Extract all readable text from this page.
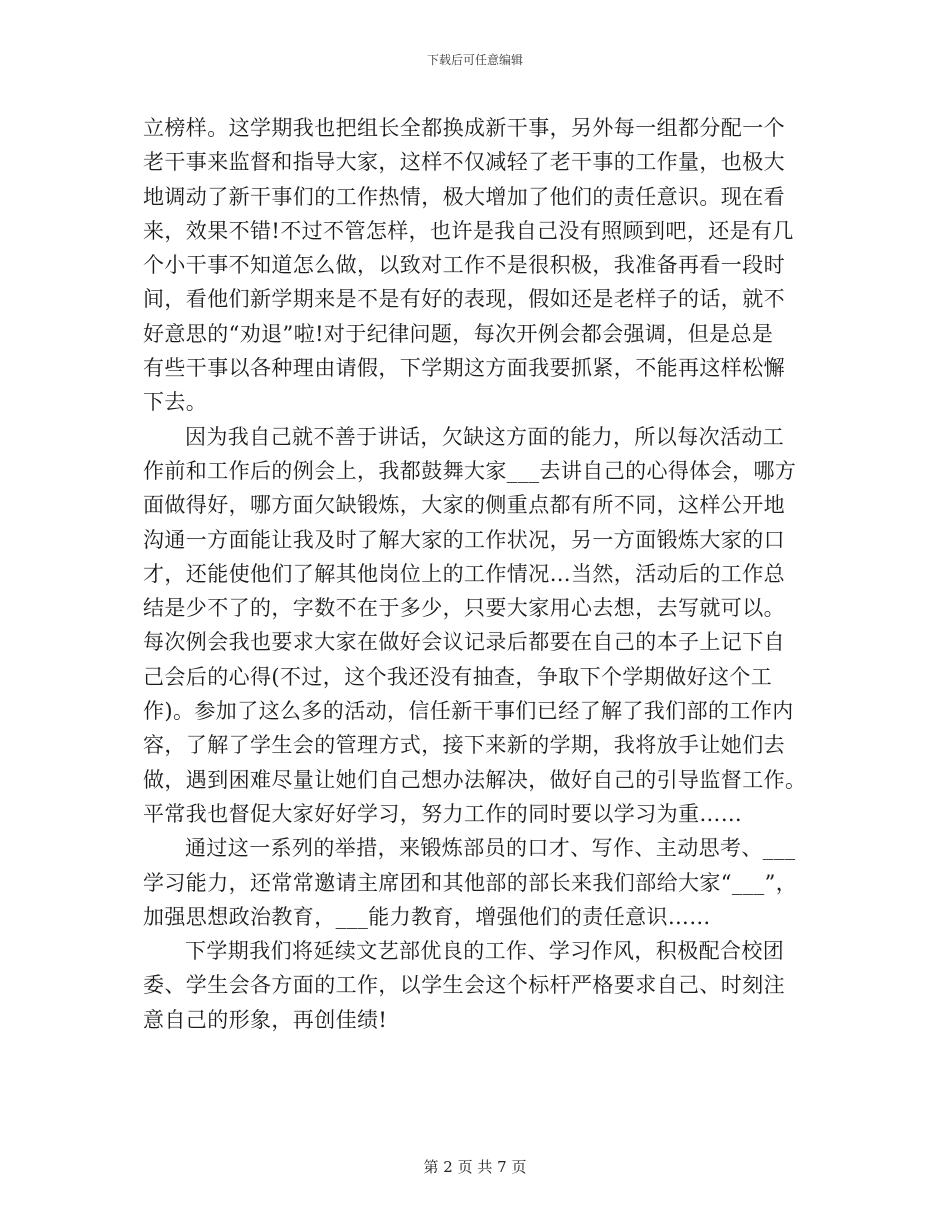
下载后可任意编辑

立榜样。这学期我也把组长全都换成新干事，另外每一组都分配一个
老干事来监督和指导大家，这样不仅减轻了老干事的工作量，也极大
地调动了新干事们的工作热情，极大增加了他们的责任意识。现在看
来，效果不错!不过不管怎样，也许是我自己没有照顾到吧，还是有几
个小干事不知道怎么做，以致对工作不是很积极，我准备再看一段时
间，看他们新学期来是不是有好的表现，假如还是老样子的话，就不
好意思的“劝退”啦!对于纪律问题，每次开例会都会强调，但是总是
有些干事以各种理由请假，下学期这方面我要抓紧，不能再这样松懈
下去。

因为我自己就不善于讲话，欠缺这方面的能力，所以每次活动工
作前和工作后的例会上，我都鼓舞大家___去讲自己的心得体会，哪方
面做得好，哪方面欠缺锻炼，大家的侧重点都有所不同，这样公开地
沟通一方面能让我及时了解大家的工作状况，另一方面锻炼大家的口
才，还能使他们了解其他岗位上的工作情况…当然，活动后的工作总
结是少不了的，字数不在于多少，只要大家用心去想，去写就可以。
每次例会我也要求大家在做好会议记录后都要在自己的本子上记下自
己会后的心得(不过，这个我还没有抽查，争取下个学期做好这个工
作)。参加了这么多的活动，信任新干事们已经了解了我们部的工作内
容，了解了学生会的管理方式，接下来新的学期，我将放手让她们去
做，遇到困难尽量让她们自己想办法解决，做好自己的引导监督工作。
平常我也督促大家好好学习，努力工作的同时要以学习为重……

通过这一系列的举措，来锻炼部员的口才、写作、主动思考、___
学习能力，还常常邀请主席团和其他部的部长来我们部给大家“___”，
加强思想政治教育，___能力教育，增强他们的责任意识……

下学期我们将延续文艺部优良的工作、学习作风，积极配合校团
委、学生会各方面的工作，以学生会这个标杆严格要求自己、时刻注
意自己的形象，再创佳绩!

第 2 页 共 7 页
